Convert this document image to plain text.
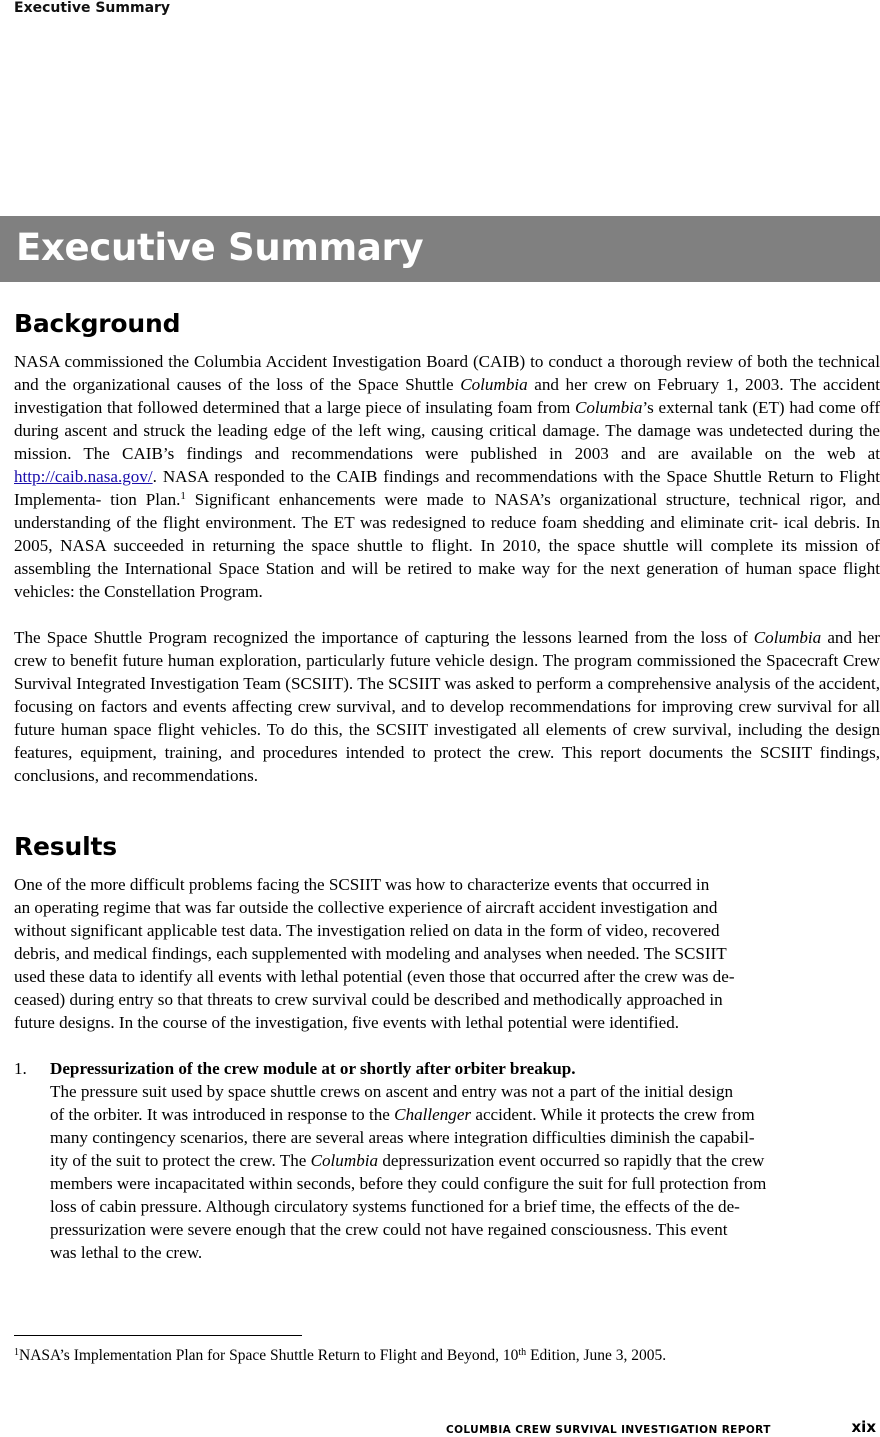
Executive Summary
Executive Summary
Background

NASA commissioned the Columbia Accident Investigation Board (CAIB) to conduct a thorough review of both the technical and the organizational causes of the loss of the Space Shuttle Columbia and her crew on February 1, 2003. The accident investigation that followed determined that a large piece of insulating foam from Columbia’s external tank (ET) had come off during ascent and struck the leading edge of the left wing, causing critical damage. The damage was undetected during the mission. The CAIB’s findings and recommendations were published in 2003 and are available on the web at http://caib.nasa.gov/. NASA responded to the CAIB findings and recommendations with the Space Shuttle Return to Flight Implementa- tion Plan.$^1$ Significant enhancements were made to NASA’s organizational structure, technical rigor, and understanding of the flight environment. The ET was redesigned to reduce foam shedding and eliminate crit- ical debris. In 2005, NASA succeeded in returning the space shuttle to flight. In 2010, the space shuttle will complete its mission of assembling the International Space Station and will be retired to make way for the next generation of human space flight vehicles: the Constellation Program.

The Space Shuttle Program recognized the importance of capturing the lessons learned from the loss of Columbia and her crew to benefit future human exploration, particularly future vehicle design. The program commissioned the Spacecraft Crew Survival Integrated Investigation Team (SCSIIT). The SCSIIT was asked to perform a comprehensive analysis of the accident, focusing on factors and events affecting crew survival, and to develop recommendations for improving crew survival for all future human space flight vehicles. To do this, the SCSIIT investigated all elements of crew survival, including the design features, equipment, training, and procedures intended to protect the crew. This report documents the SCSIIT findings, conclusions, and recommendations.

Results

One of the more difficult problems facing the SCSIIT was how to characterize events that occurred in
an operating regime that was far outside the collective experience of aircraft accident investigation and
without significant applicable test data. The investigation relied on data in the form of video, recovered
debris, and medical findings, each supplemented with modeling and analyses when needed. The SCSIIT
used these data to identify all events with lethal potential (even those that occurred after the crew was de-
ceased) during entry so that threats to crew survival could be described and methodically approached in
future designs. In the course of the investigation, five events with lethal potential were identified.

1. Depressurization of the crew module at or shortly after orbiter breakup.
The pressure suit used by space shuttle crews on ascent and entry was not a part of the initial design
of the orbiter. It was introduced in response to the Challenger accident. While it protects the crew from
many contingency scenarios, there are several areas where integration difficulties diminish the capabil-
ity of the suit to protect the crew. The Columbia depressurization event occurred so rapidly that the crew
members were incapacitated within seconds, before they could configure the suit for full protection from
loss of cabin pressure. Although circulatory systems functioned for a brief time, the effects of the de-
pressurization were severe enough that the crew could not have regained consciousness. This event
was lethal to the crew.
$^1$NASA’s Implementation Plan for Space Shuttle Return to Flight and Beyond, 10th Edition, June 3, 2005.
COLUMBIA CREW SURVIVAL INVESTIGATION REPORT	xix
